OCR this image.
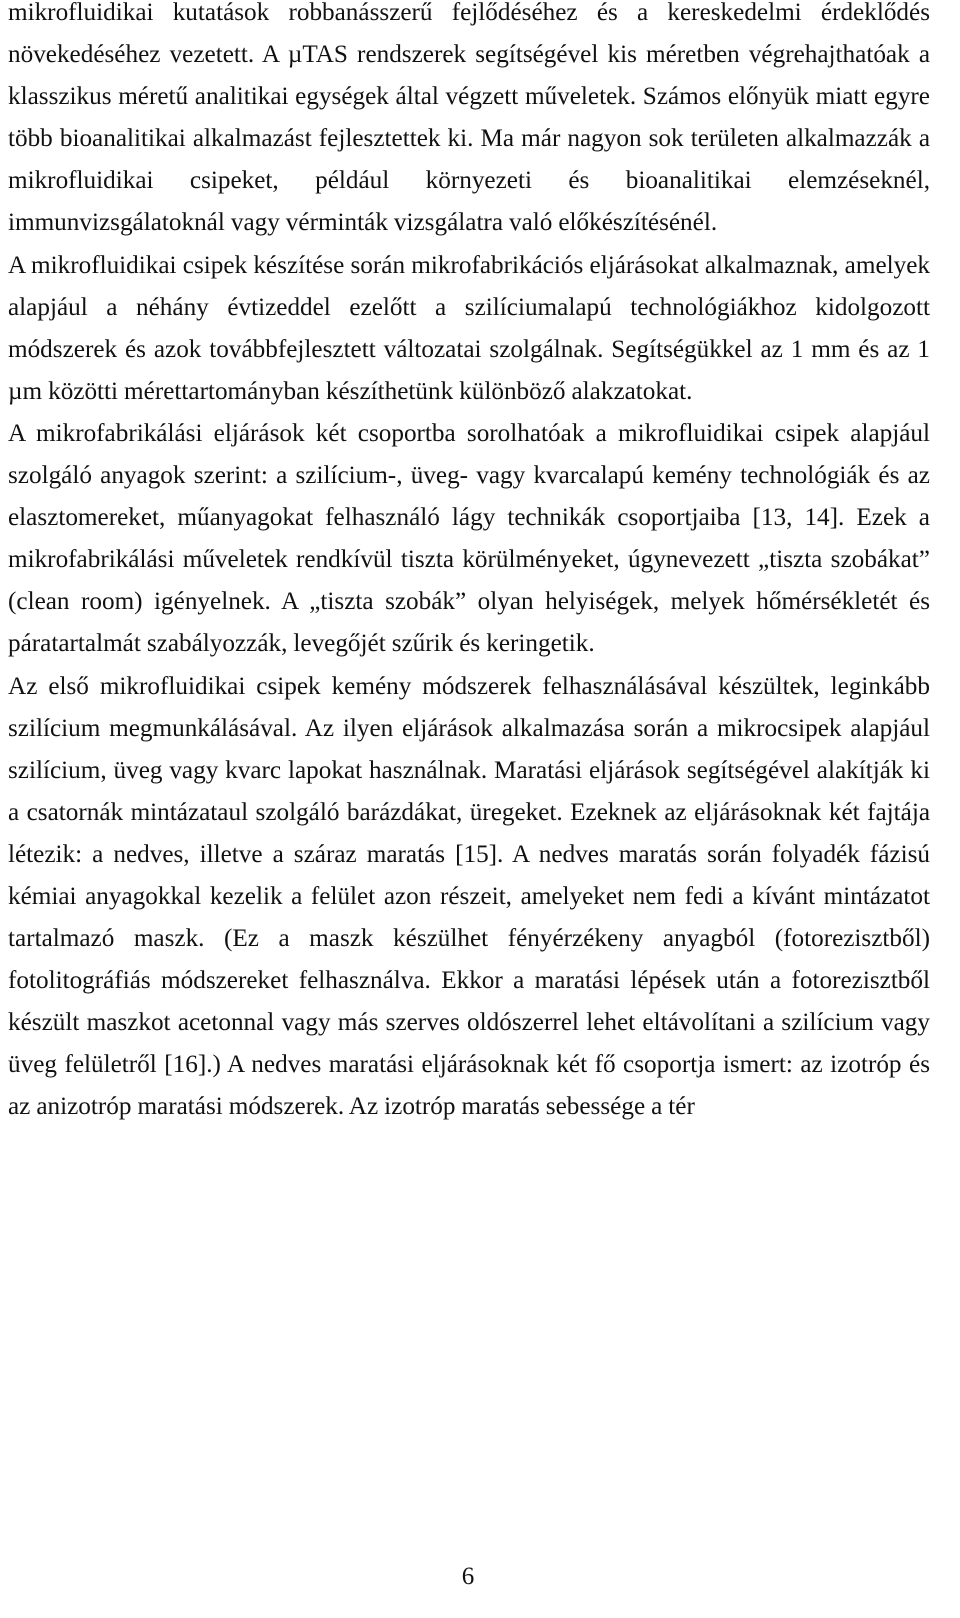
mikrofluidikai kutatások robbanásszerű fejlődéséhez és a kereskedelmi érdeklődés növekedéséhez vezetett. A µTAS rendszerek segítségével kis méretben végrehajthatóak a klasszikus méretű analitikai egységek által végzett műveletek. Számos előnyük miatt egyre több bioanalitikai alkalmazást fejlesztettek ki. Ma már nagyon sok területen alkalmazzák a mikrofluidikai csipeket, például környezeti és bioanalitikai elemzéseknél, immunvizsgálatoknál vagy vérminták vizsgálatra való előkészítésénél.

A mikrofluidikai csipek készítése során mikrofabrikációs eljárásokat alkalmaznak, amelyek alapjául a néhány évtizeddel ezelőtt a szilíciumalapú technológiákhoz kidolgozott módszerek és azok továbbfejlesztett változatai szolgálnak. Segítségükkel az 1 mm és az 1 µm közötti mérettartományban készíthetünk különböző alakzatokat.

A mikrofabrikálási eljárások két csoportba sorolhatóak a mikrofluidikai csipek alapjául szolgáló anyagok szerint: a szilícium-, üveg- vagy kvarcalapú kemény technológiák és az elasztomereket, műanyagokat felhasználó lágy technikák csoportjaiba [13, 14]. Ezek a mikrofabrikálási műveletek rendkívül tiszta körülményeket, úgynevezett „tiszta szobákat” (clean room) igényelnek. A „tiszta szobák” olyan helyiségek, melyek hőmérsékletét és páratartalmát szabályozzák, levegőjét szűrik és keringetik.

Az első mikrofluidikai csipek kemény módszerek felhasználásával készültek, leginkább szilícium megmunkálásával. Az ilyen eljárások alkalmazása során a mikrocsipek alapjául szilícium, üveg vagy kvarc lapokat használnak. Maratási eljárások segítségével alakítják ki a csatornák mintázataul szolgáló barázdákat, üregeket. Ezeknek az eljárásoknak két fajtája létezik: a nedves, illetve a száraz maratás [15]. A nedves maratás során folyadék fázisú kémiai anyagokkal kezelik a felület azon részeit, amelyeket nem fedi a kívánt mintázatot tartalmazó maszk. (Ez a maszk készülhet fényérzékeny anyagból (fotorezisztből) fotolitográfiás módszereket felhasználva. Ekkor a maratási lépések után a fotorezisztből készült maszkot acetonnal vagy más szerves oldószerrel lehet eltávolítani a szilícium vagy üveg felületről [16].) A nedves maratási eljárásoknak két fő csoportja ismert: az izotróp és az anizotróp maratási módszerek. Az izotróp maratás sebessége a tér

6
